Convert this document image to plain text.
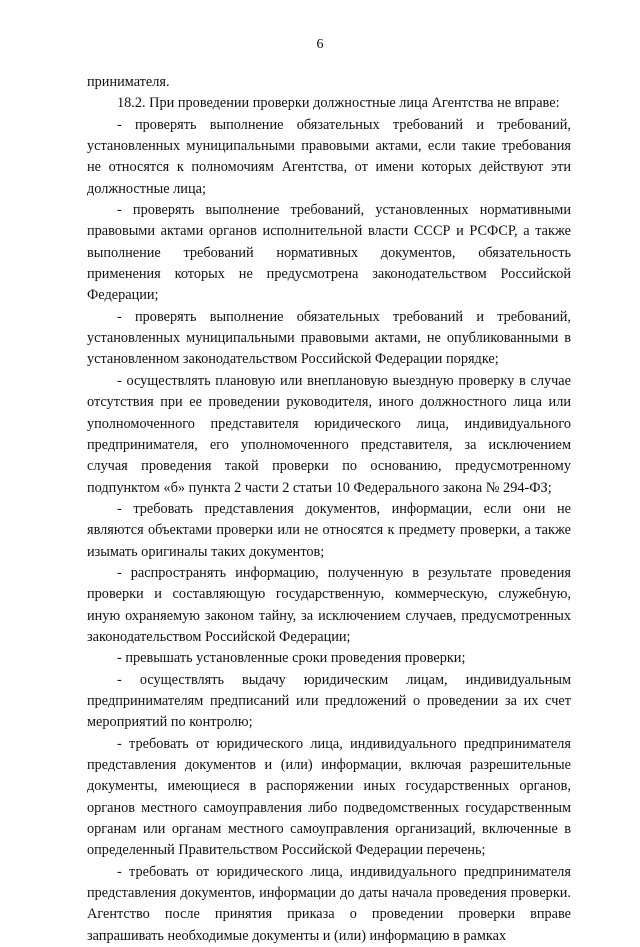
6

принимателя.

18.2. При проведении проверки должностные лица Агентства не вправе:

- проверять выполнение обязательных требований и требований, установленных муниципальными правовыми актами, если такие требования не относятся к полномочиям Агентства, от имени которых действуют эти должностные лица;

- проверять выполнение требований, установленных нормативными правовыми актами органов исполнительной власти СССР и РСФСР, а также выполнение требований нормативных документов, обязательность применения которых не предусмотрена законодательством Российской Федерации;

- проверять выполнение обязательных требований и требований, установленных муниципальными правовыми актами, не опубликованными в установленном законодательством Российской Федерации порядке;

- осуществлять плановую или внеплановую выездную проверку в случае отсутствия при ее проведении руководителя, иного должностного лица или уполномоченного представителя юридического лица, индивидуального предпринимателя, его уполномоченного представителя, за исключением случая проведения такой проверки по основанию, предусмотренному подпунктом «б» пункта 2 части 2 статьи 10 Федерального закона № 294-ФЗ;

- требовать представления документов, информации, если они не являются объектами проверки или не относятся к предмету проверки, а также изымать оригиналы таких документов;

- распространять информацию, полученную в результате проведения проверки и составляющую государственную, коммерческую, служебную, иную охраняемую законом тайну, за исключением случаев, предусмотренных законодательством Российской Федерации;

- превышать установленные сроки проведения проверки;

- осуществлять выдачу юридическим лицам, индивидуальным предпринимателям предписаний или предложений о проведении за их счет мероприятий по контролю;

- требовать от юридического лица, индивидуального предпринимателя представления документов и (или) информации, включая разрешительные документы, имеющиеся в распоряжении иных государственных органов, органов местного самоуправления либо подведомственных государственным органам или органам местного самоуправления организаций, включенные в определенный Правительством Российской Федерации перечень;

- требовать от юридического лица, индивидуального предпринимателя представления документов, информации до даты начала проведения проверки. Агентство после принятия приказа о проведении проверки вправе запрашивать необходимые документы и (или) информацию в рамках
